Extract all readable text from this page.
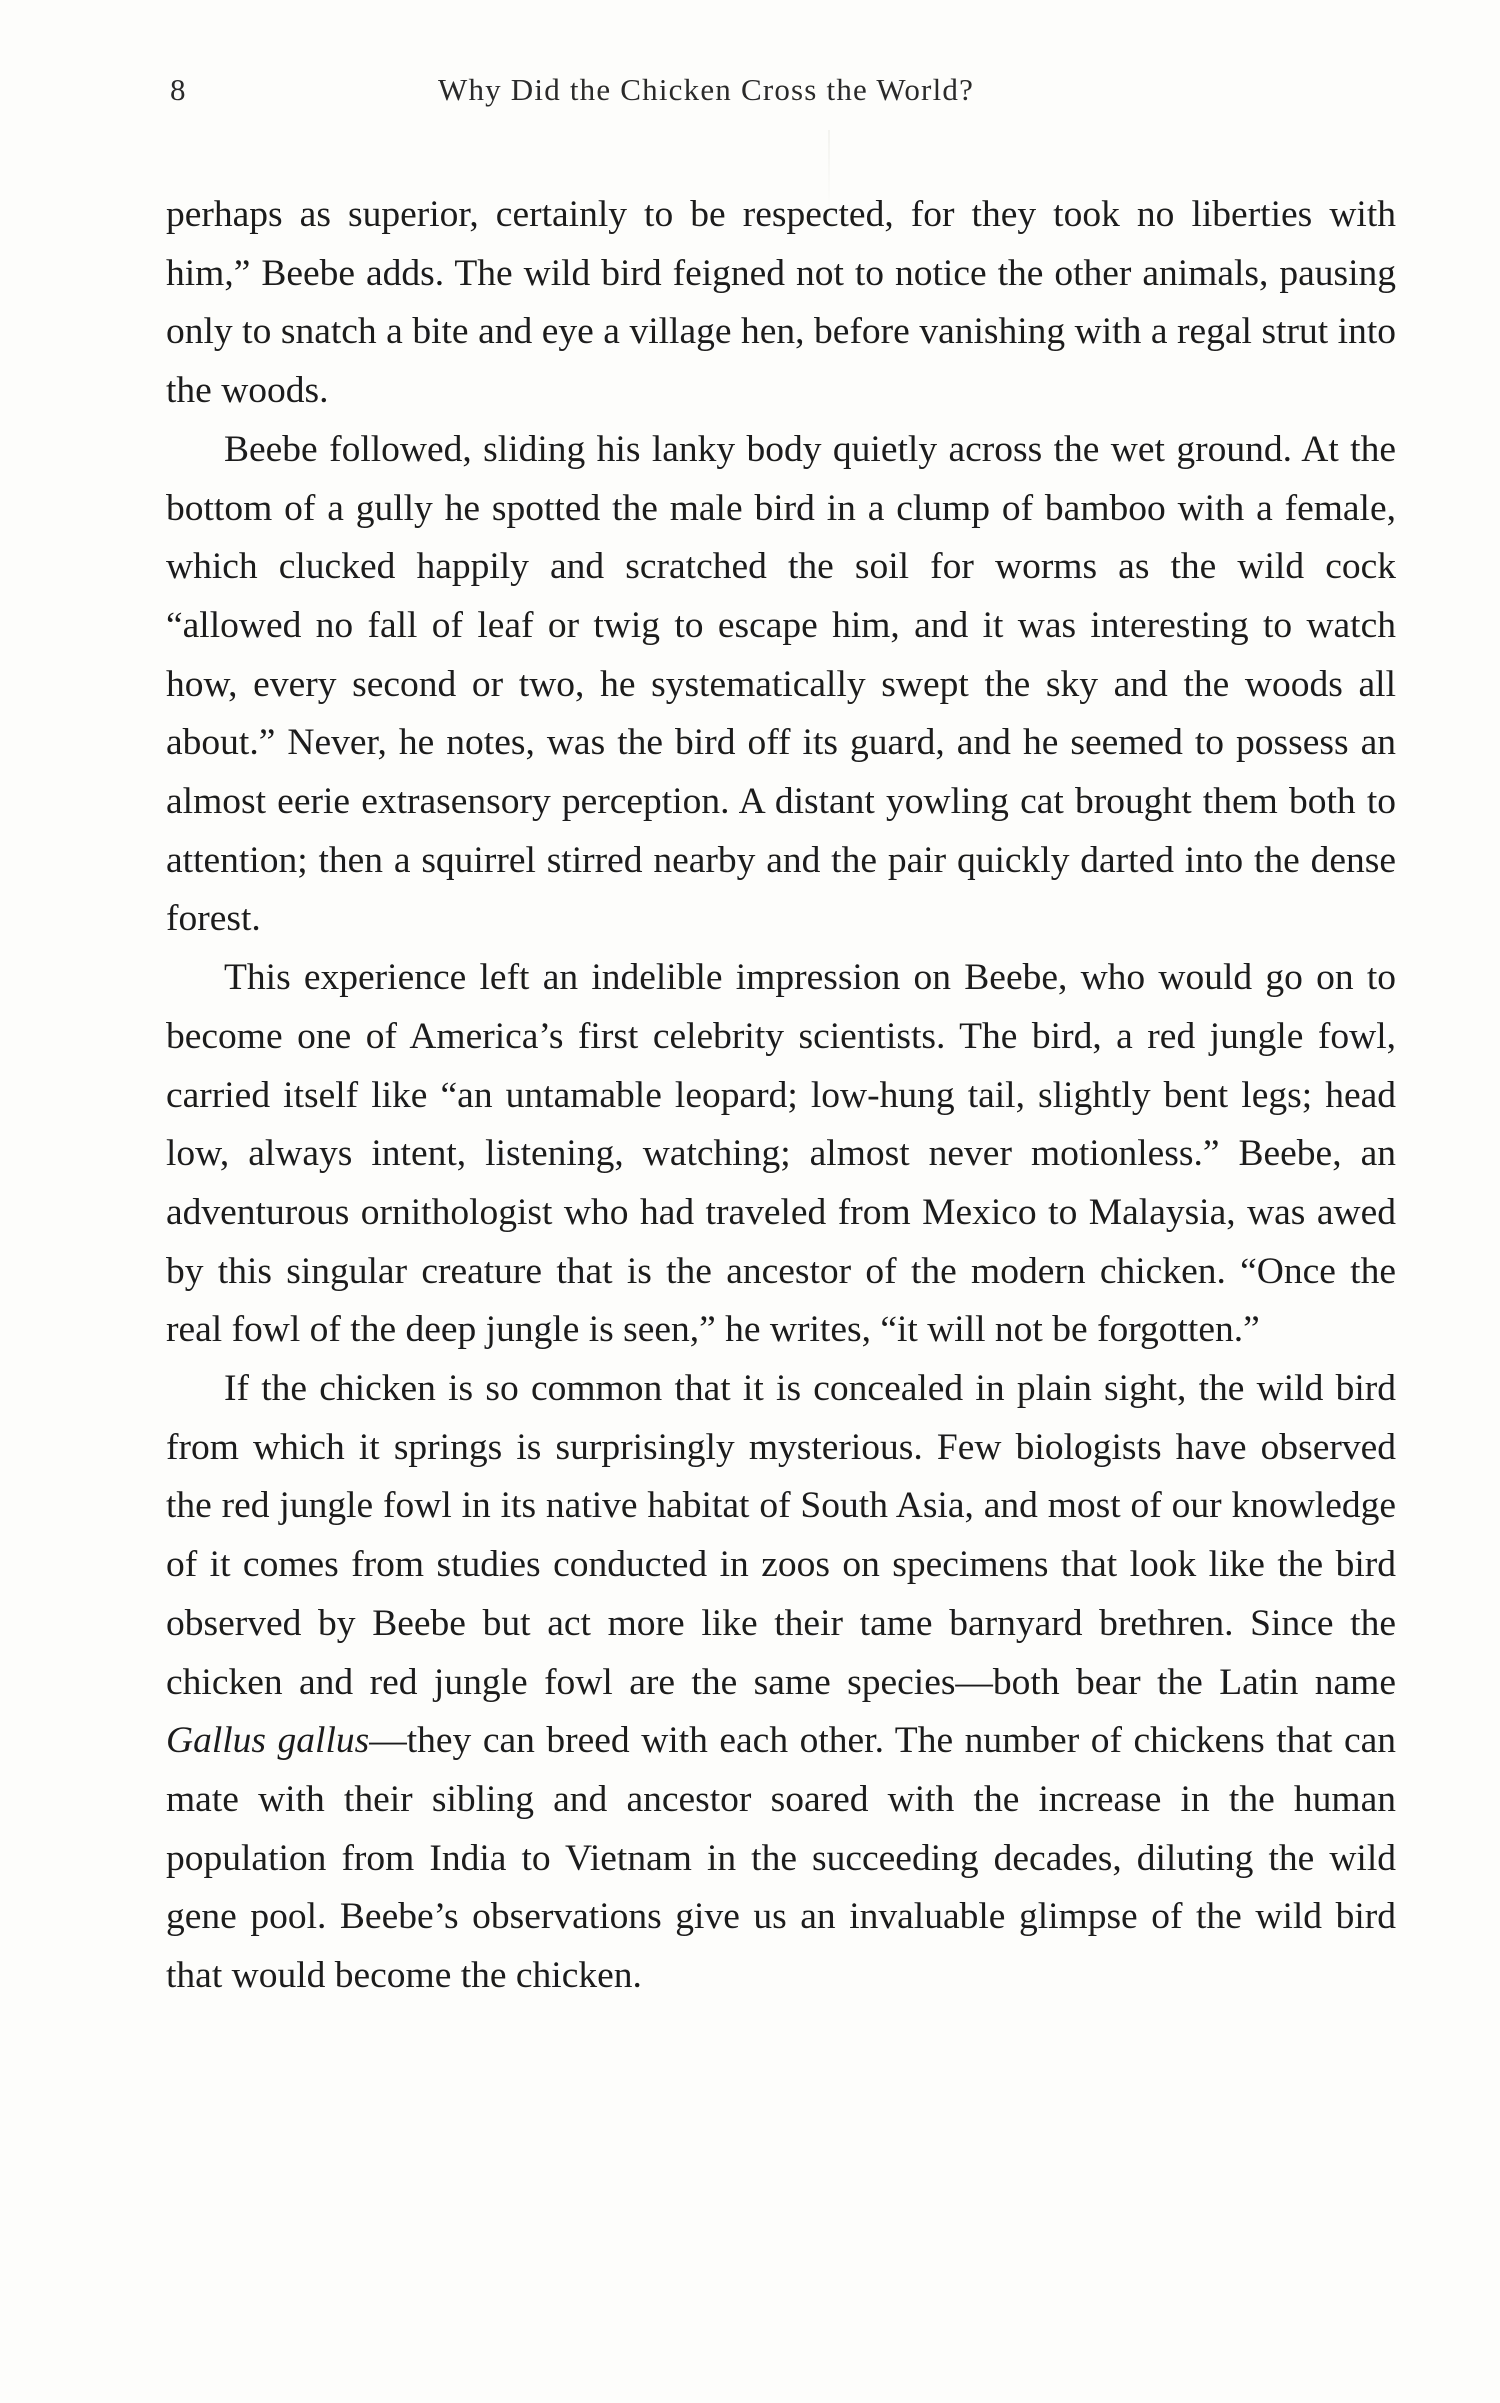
8	Why Did the Chicken Cross the World?

perhaps as superior, certainly to be respected, for they took no liberties with him,” Beebe adds. The wild bird feigned not to notice the other animals, pausing only to snatch a bite and eye a village hen, before vanishing with a regal strut into the woods.

Beebe followed, sliding his lanky body quietly across the wet ground. At the bottom of a gully he spotted the male bird in a clump of bamboo with a female, which clucked happily and scratched the soil for worms as the wild cock “allowed no fall of leaf or twig to escape him, and it was interesting to watch how, every second or two, he systematically swept the sky and the woods all about.” Never, he notes, was the bird off its guard, and he seemed to possess an almost eerie extrasensory perception. A distant yowling cat brought them both to attention; then a squirrel stirred nearby and the pair quickly darted into the dense forest.

This experience left an indelible impression on Beebe, who would go on to become one of America’s first celebrity scientists. The bird, a red jungle fowl, carried itself like “an untamable leopard; low-hung tail, slightly bent legs; head low, always intent, listening, watching; almost never motionless.” Beebe, an adventurous ornithologist who had traveled from Mexico to Malaysia, was awed by this singular creature that is the ancestor of the modern chicken. “Once the real fowl of the deep jungle is seen,” he writes, “it will not be forgotten.”

If the chicken is so common that it is concealed in plain sight, the wild bird from which it springs is surprisingly mysterious. Few biologists have observed the red jungle fowl in its native habitat of South Asia, and most of our knowledge of it comes from studies conducted in zoos on specimens that look like the bird observed by Beebe but act more like their tame barnyard brethren. Since the chicken and red jungle fowl are the same species—both bear the Latin name Gallus gallus—they can breed with each other. The number of chickens that can mate with their sibling and ancestor soared with the increase in the human population from India to Vietnam in the succeeding decades, diluting the wild gene pool. Beebe’s observations give us an invaluable glimpse of the wild bird that would become the chicken.
